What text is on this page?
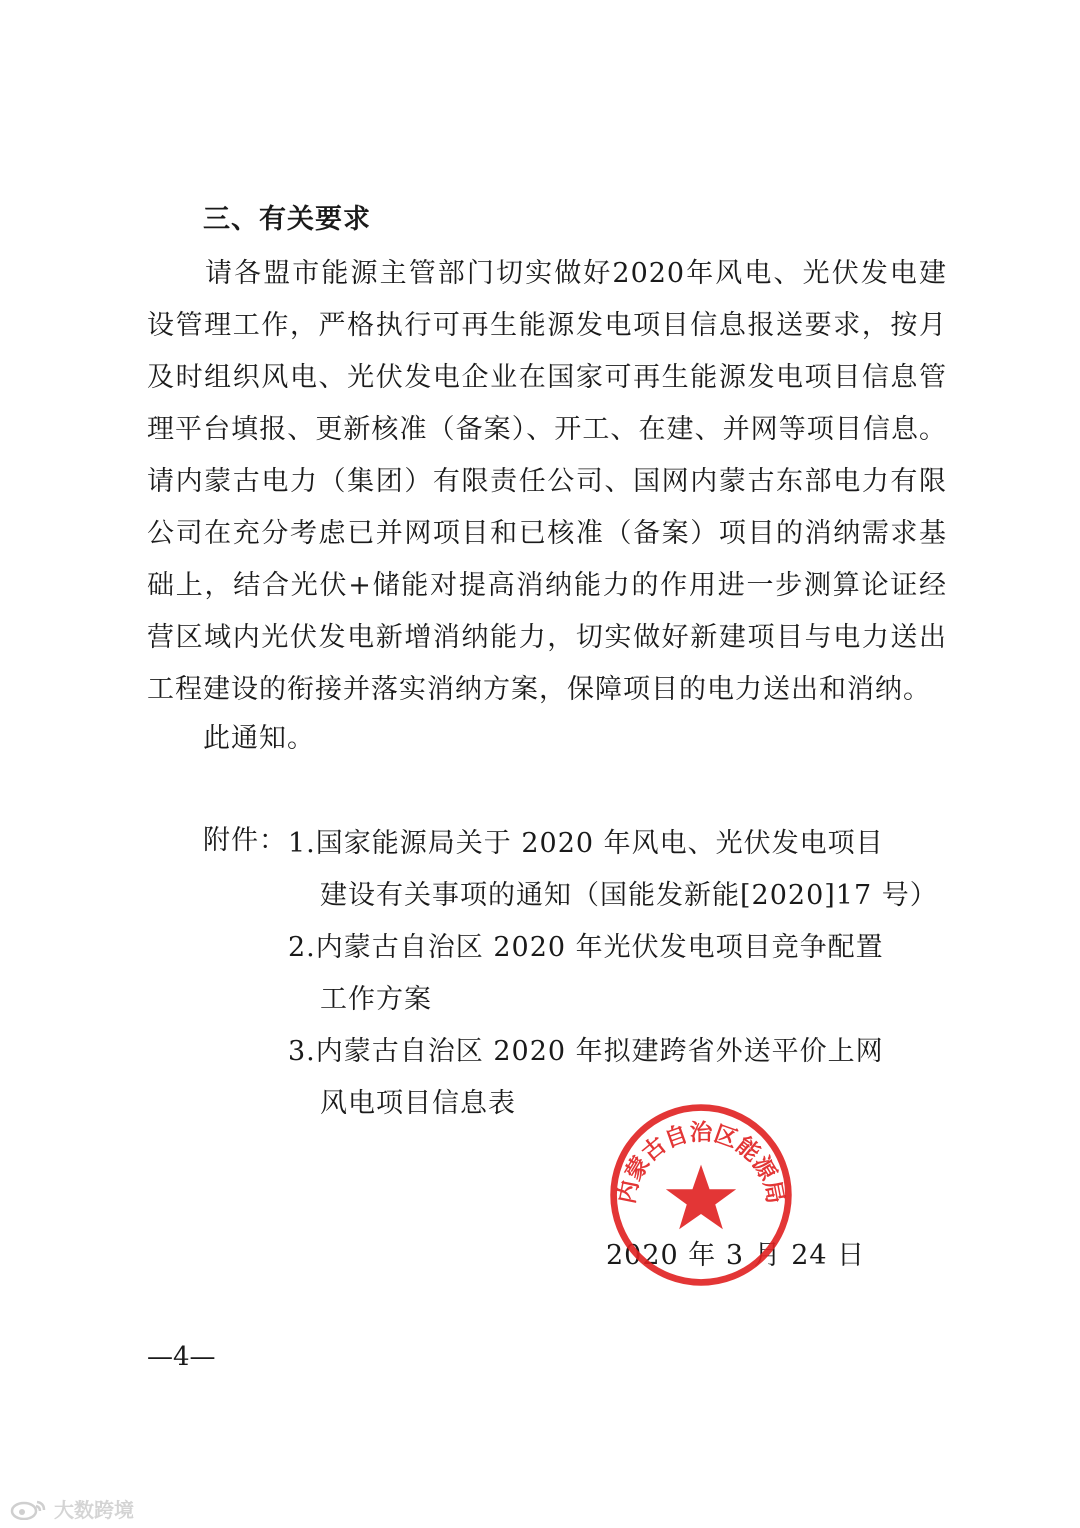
三、有关要求

请各盟市能源主管部门切实做好2020年风电、光伏发电建设管理工作，严格执行可再生能源发电项目信息报送要求，按月及时组织风电、光伏发电企业在国家可再生能源发电项目信息管理平台填报、更新核准（备案）、开工、在建、并网等项目信息。请内蒙古电力（集团）有限责任公司、国网内蒙古东部电力有限公司在充分考虑已并网项目和已核准（备案）项目的消纳需求基础上，结合光伏+储能对提高消纳能力的作用进一步测算论证经营区域内光伏发电新增消纳能力，切实做好新建项目与电力送出工程建设的衔接并落实消纳方案，保障项目的电力送出和消纳。

此通知。
附件： 1.国家能源局关于 2020 年风电、光伏发电项目
建设有关事项的通知（国能发新能[2020]17 号）
2.内蒙古自治区 2020 年光伏发电项目竞争配置
工作方案
3.内蒙古自治区 2020 年拟建跨省外送平价上网
风电项目信息表
2020 年 3 月 24 日
内蒙古自治区能源局
—4—
大数跨境
